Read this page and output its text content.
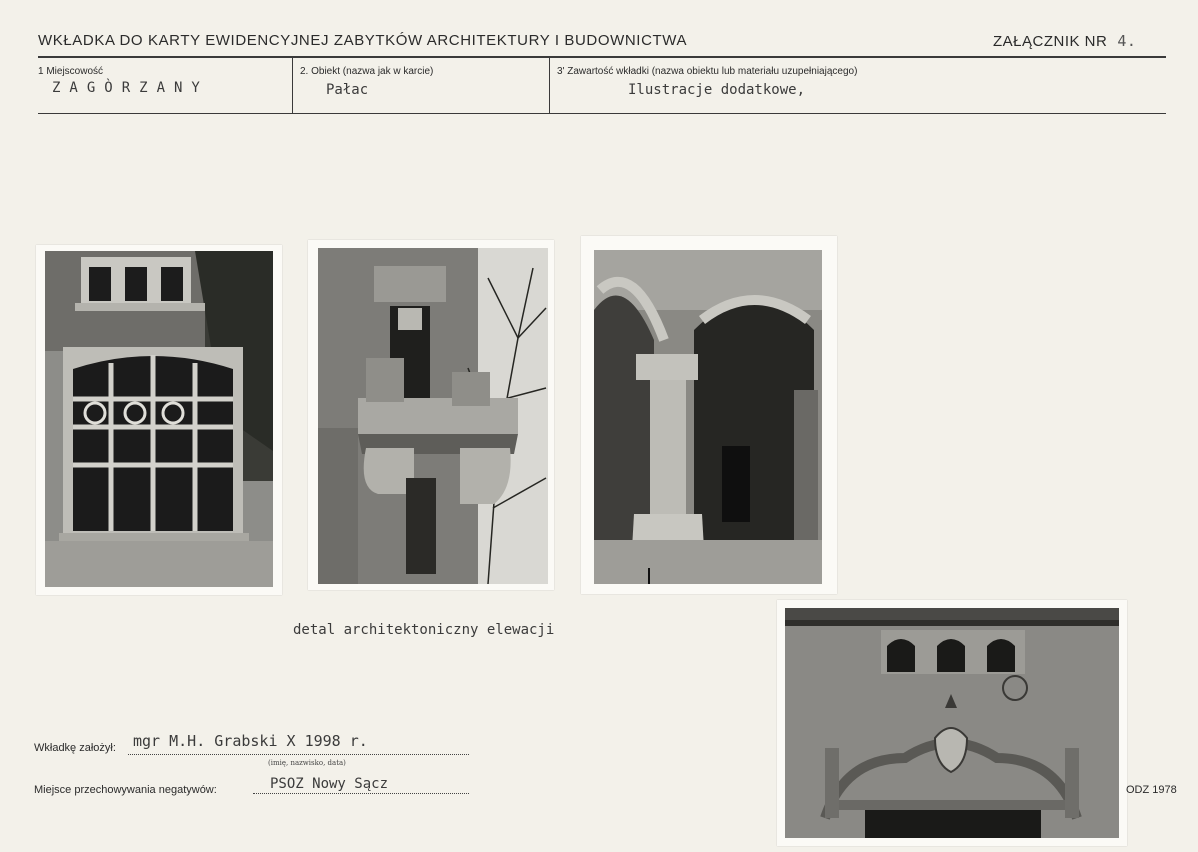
WKŁADKA DO KARTY EWIDENCYJNEJ ZABYTKÓW ARCHITEKTURY I BUDOWNICTWA	ZAŁĄCZNIK NR 4.
1 Miejscowość
ZAGÒRZANY
2. Obiekt (nazwa jak w karcie)
Pałac
3' Zawartość wkładki (nazwa obiektu lub materiału uzupełniającego)
Ilustracje dodatkowe,
detal architektoniczny elewacji
Wkładkę założył: mgr M.H. Grabski X 1998 r.
(imię, nazwisko, data)
Miejsce przechowywania negatywów:	PSOZ Nowy Sącz	ODZ 1978
